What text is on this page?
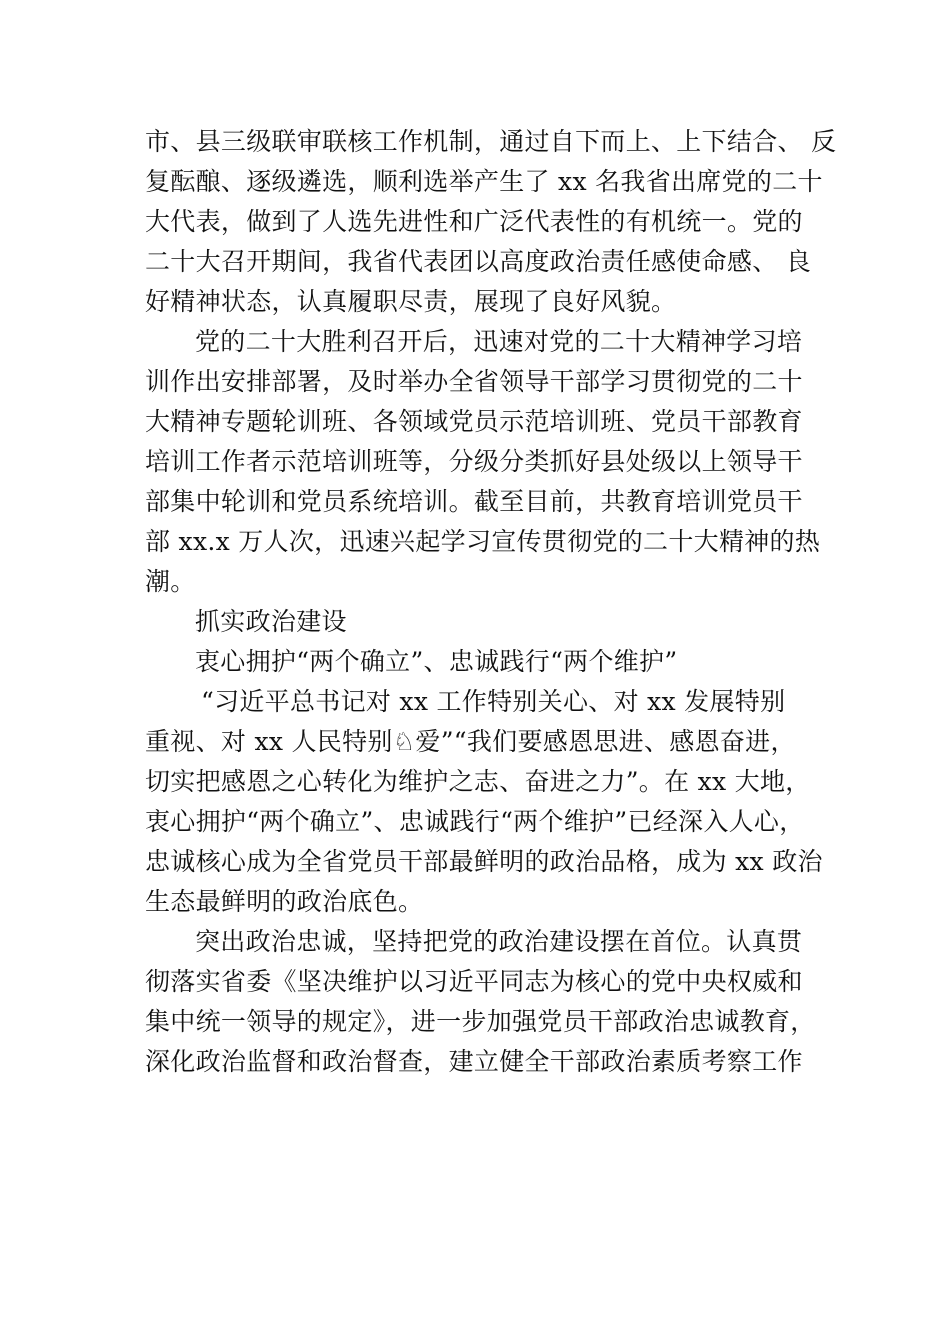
市、县三级联审联核工作机制，通过自下而上、上下结合、 反
复酝酿、逐级遴选，顺利选举产生了 xx 名我省出席党的二十
大代表，做到了人选先进性和广泛代表性的有机统一。党的
二十大召开期间，我省代表团以高度政治责任感使命感、 良
好精神状态，认真履职尽责，展现了良好风貌。
党的二十大胜利召开后，迅速对党的二十大精神学习培
训作出安排部署，及时举办全省领导干部学习贯彻党的二十
大精神专题轮训班、各领域党员示范培训班、党员干部教育
培训工作者示范培训班等，分级分类抓好县处级以上领导干
部集中轮训和党员系统培训。截至目前，共教育培训党员干
部 xx.x 万人次，迅速兴起学习宣传贯彻党的二十大精神的热
潮。
抓实政治建设
衷心拥护“两个确立”、忠诚践行“两个维护”
“习近平总书记对 xx 工作特别关心、对 xx 发展特别
重视、对 xx 人民特别♘爱”“我们要感恩思进、感恩奋进，
切实把感恩之心转化为维护之志、奋进之力”。在 xx 大地，
衷心拥护“两个确立”、忠诚践行“两个维护”已经深入人心，
忠诚核心成为全省党员干部最鲜明的政治品格，成为 xx 政治
生态最鲜明的政治底色。
突出政治忠诚，坚持把党的政治建设摆在首位。认真贯
彻落实省委《坚决维护以习近平同志为核心的党中央权威和
集中统一领导的规定》，进一步加强党员干部政治忠诚教育，
深化政治监督和政治督查，建立健全干部政治素质考察工作
